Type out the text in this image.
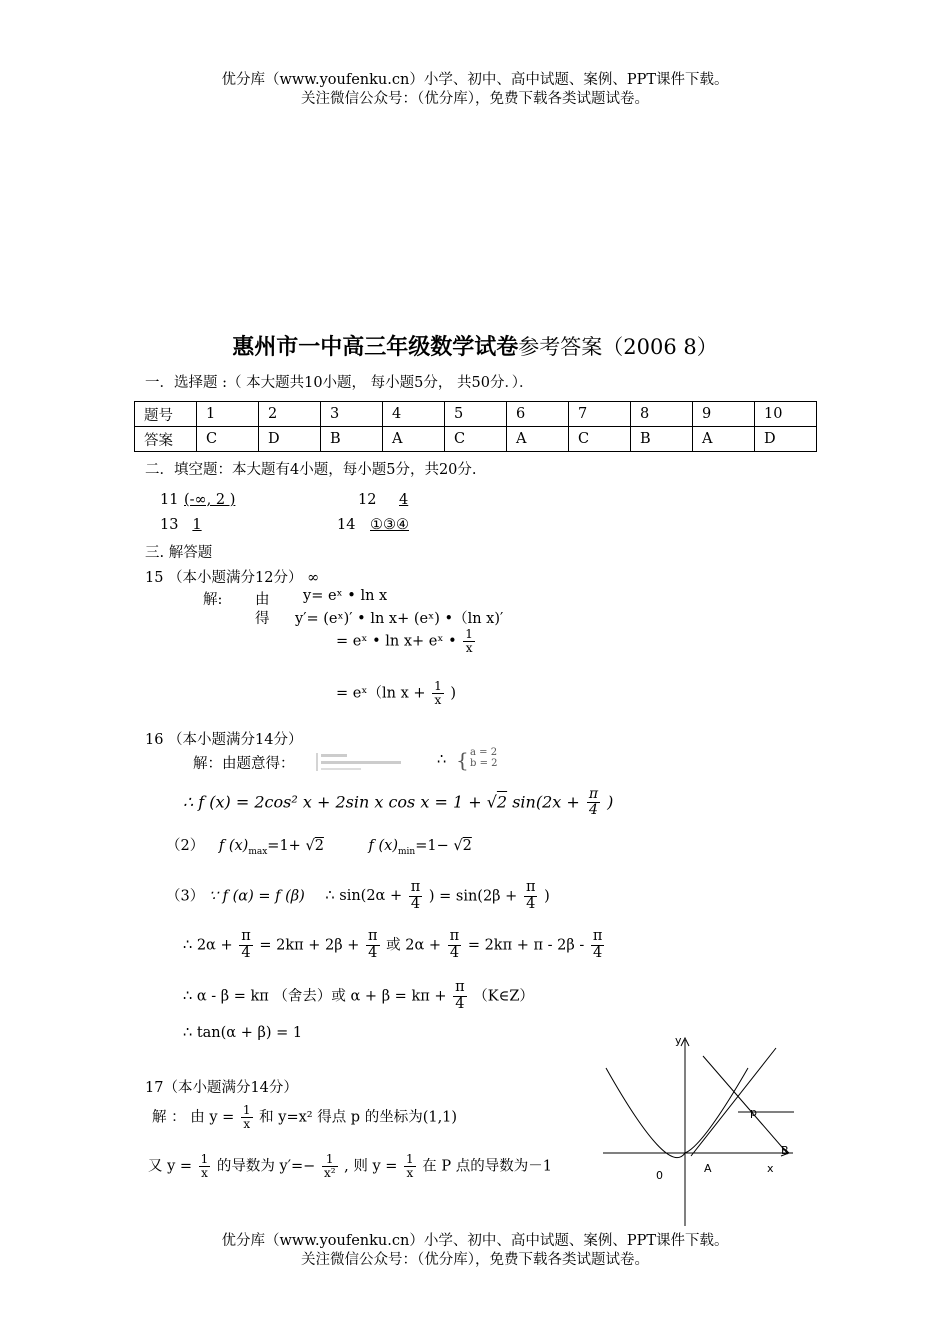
优分库（www.youfenku.cn）小学、初中、高中试题、案例、PPT课件下载。
关注微信公众号：（优分库），免费下载各类试题试卷。
惠州市一中高三年级数学试卷参考答案（2006 8）
一．选择题 :（ 本大题共10小题， 每小题5分， 共50分．）．
题号	1	2	3	4	5	6	7	8	9	10
答案	C	D	B	A	C	A	C	B	A	D
二．填空题：本大题有4小题，每小题5分，共20分.
11 (-∞, 2 )	12 4
13 1	14 ①③④
三. 解答题
15 （本小题满分12分） ∞
解: 由 y= eˣ • ln x
得 y′= (eˣ)′ • ln x+ (eˣ) •（ln x)′
= eˣ • ln x+ eˣ • $\frac{1}{x}$
= eˣ（ln $x + \frac{1}{x}$ )
16 （本小题满分14分）
解：由题意得：	∴ { a = 2
b = 2
∴ f (x) = 2cos² x + 2sin x cos x = 1 + √2 $\sin(2x + \frac{\pi}{4}$ )
（2） f $(x)_{max}=1+ √2$	f $(x)_{min}=1- √2$
（3） ∵ f (α) = f (β) ∴ $\sin(2\alpha + \frac{\pi}{4}$ ) = $\sin(2\beta + \frac{\pi}{4}$ )
∴ $2\alpha + \frac{\pi}{4} = 2k\pi + 2\beta + \frac{\pi}{4}$ 或 $2\alpha + \frac{\pi}{4} = 2k\pi + \pi - 2\beta - \frac{\pi}{4}$
∴ α - β = kπ （舍去）或 $\alpha + \beta = k\pi + \frac{\pi}{4}$ （K∈Z）
∴ tan(α + β) = 1
17（本小题满分14分）
解 ： 由 $y = \frac{1}{x}$ 和 y=x² 得点 p 的坐标为(1,1)
又 $y = \frac{1}{x}$ 的导数为 $y'=- \frac{1}{\text{x²}}$ , 则 $y = \frac{1}{x}$ 在 P 点的导数为－1
y
x
0
A
B
p
优分库（www.youfenku.cn）小学、初中、高中试题、案例、PPT课件下载。
关注微信公众号：（优分库），免费下载各类试题试卷。
